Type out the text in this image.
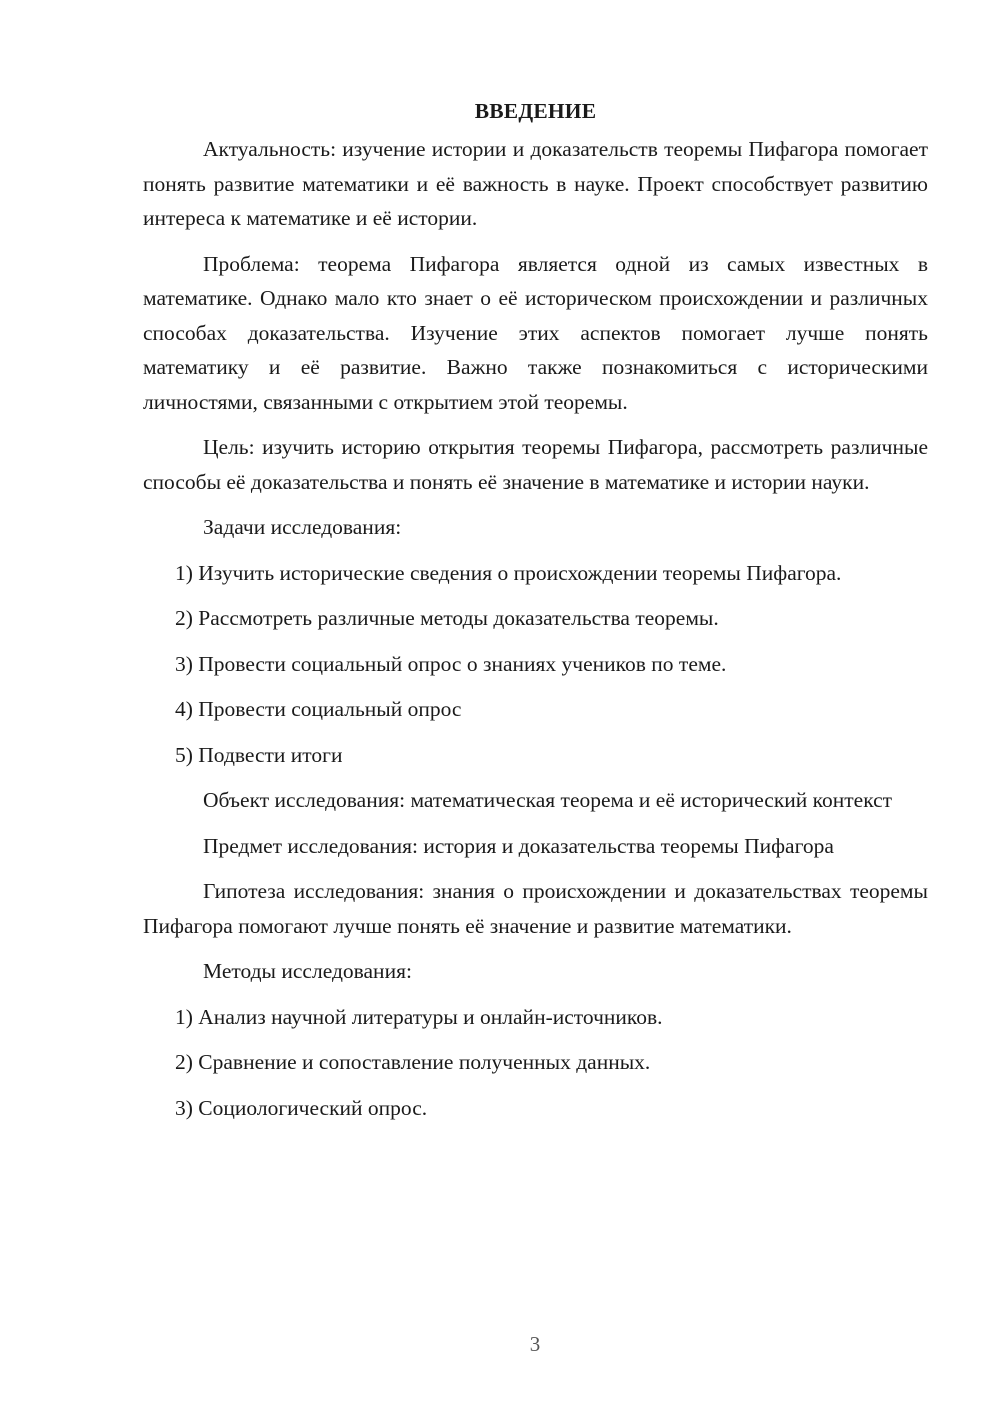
ВВЕДЕНИЕ

Актуальность: изучение истории и доказательств теоремы Пифагора помогает понять развитие математики и её важность в науке. Проект способствует развитию интереса к математике и её истории.

Проблема: теорема Пифагора является одной из самых известных в математике. Однако мало кто знает о её историческом происхождении и различных способах доказательства. Изучение этих аспектов помогает лучше понять математику и её развитие. Важно также познакомиться с историческими личностями, связанными с открытием этой теоремы.

Цель: изучить историю открытия теоремы Пифагора, рассмотреть различные способы её доказательства и понять её значение в математике и истории науки.

Задачи исследования:

1) Изучить исторические сведения о происхождении теоремы Пифагора.

2) Рассмотреть различные методы доказательства теоремы.

3) Провести социальный опрос о знаниях учеников по теме.

4) Провести социальный опрос

5) Подвести итоги

Объект исследования: математическая теорема и её исторический контекст

Предмет исследования: история и доказательства теоремы Пифагора

Гипотеза исследования: знания о происхождении и доказательствах теоремы Пифагора помогают лучше понять её значение и развитие математики.

Методы исследования:

1) Анализ научной литературы и онлайн-источников.

2) Сравнение и сопоставление полученных данных.

3) Социологический опрос.

3
